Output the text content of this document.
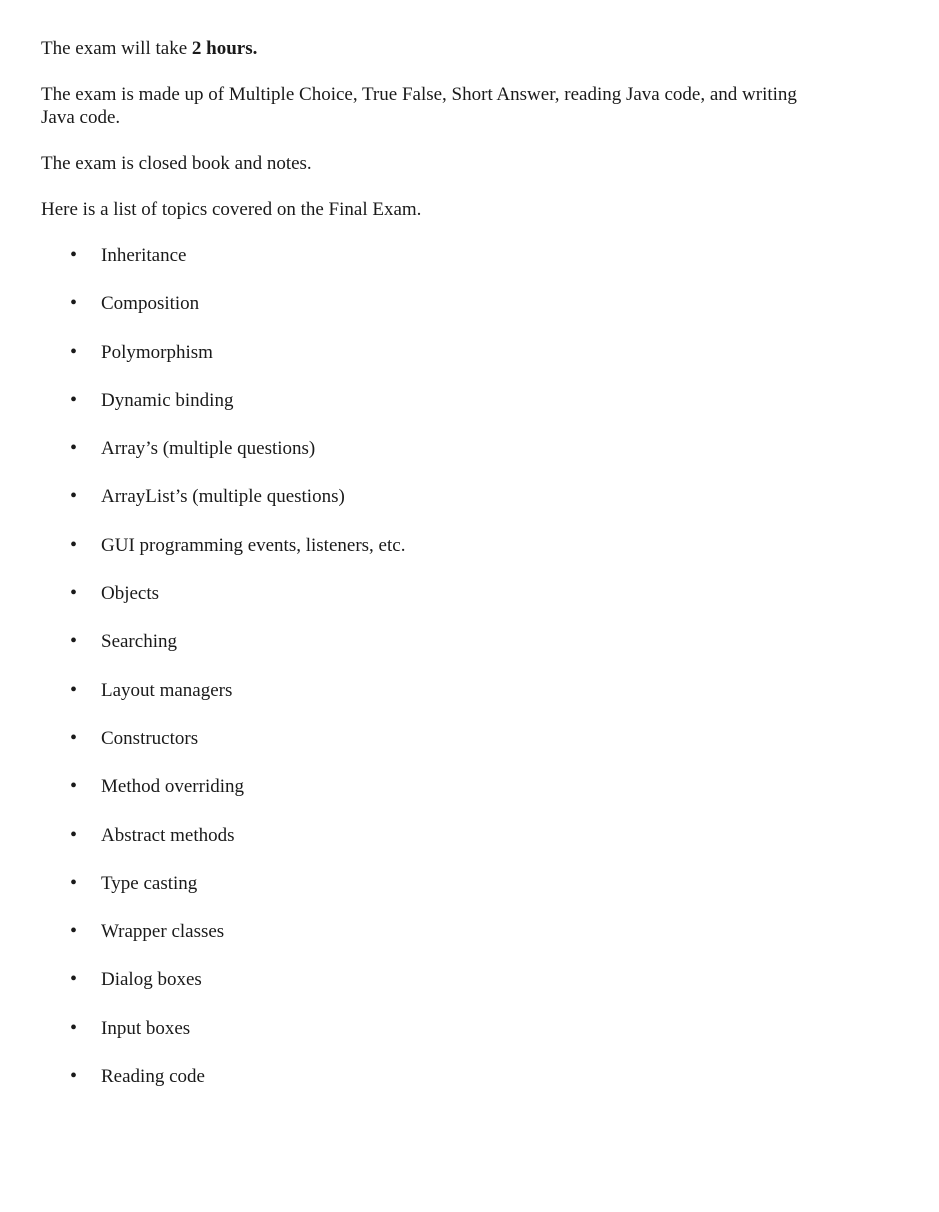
The exam will take 2 hours.

The exam is made up of Multiple Choice, True False, Short Answer, reading Java code, and writing Java code.

The exam is closed book and notes.

Here is a list of topics covered on the Final Exam.

• Inheritance
• Composition
• Polymorphism
• Dynamic binding
• Array’s (multiple questions)
• ArrayList’s (multiple questions)
• GUI programming events, listeners, etc.
• Objects
• Searching
• Layout managers
• Constructors
• Method overriding
• Abstract methods
• Type casting
• Wrapper classes
• Dialog boxes
• Input boxes
• Reading code
